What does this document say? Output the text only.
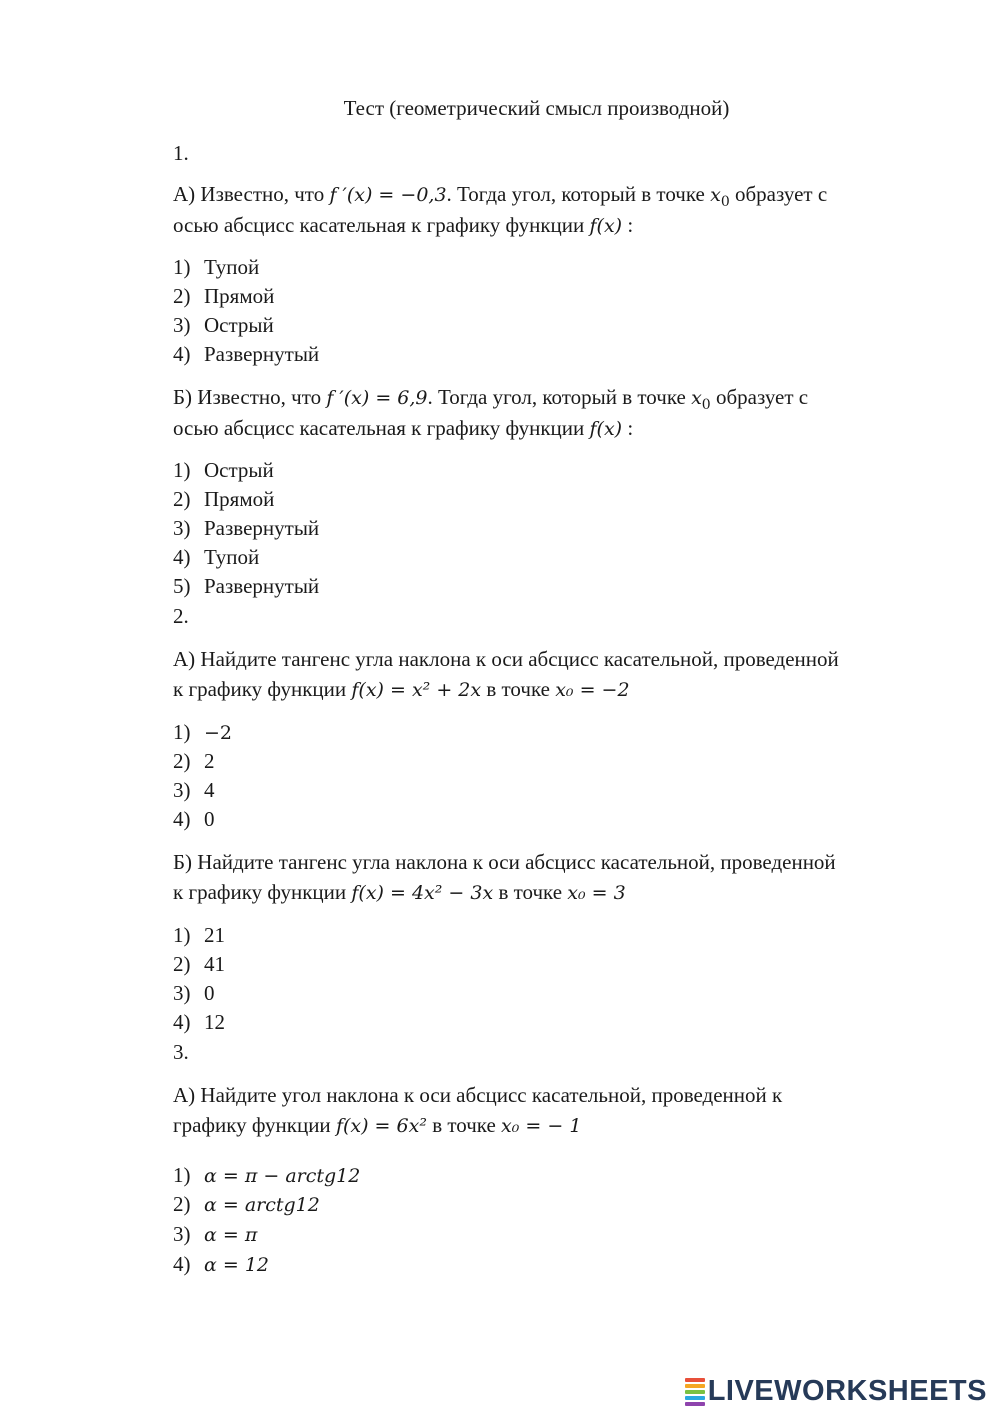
Тест (геометрический смысл производной)
1.
А) Известно, что f ′(x) = −0,3. Тогда угол, который в точке $x_0$ образует с
осью абсцисс касательная к графику функции f(x) :
1) Тупой
2) Прямой
3) Острый
4) Развернутый
Б) Известно, что f ′(x) = 6,9. Тогда угол, который в точке $x_0$ образует с
осью абсцисс касательная к графику функции f(x) :
1) Острый
2) Прямой
3) Развернутый
4) Тупой
5) Развернутый
2.
А) Найдите тангенс угла наклона к оси абсцисс касательной, проведенной
к графику функции f(x) = x² + 2x в точке x₀ = −2
1) −2
2) 2
3) 4
4) 0
Б) Найдите тангенс угла наклона к оси абсцисс касательной, проведенной
к графику функции f(x) = 4x² − 3x в точке x₀ = 3
1) 21
2) 41
3) 0
4) 12
3.
А) Найдите угол наклона к оси абсцисс касательной, проведенной к
графику функции f(x) = 6x² в точке x₀ = − 1
1) α = π − arctg12
2) α = arctg12
3) α = π
4) α = 12
LIVEWORKSHEETS
